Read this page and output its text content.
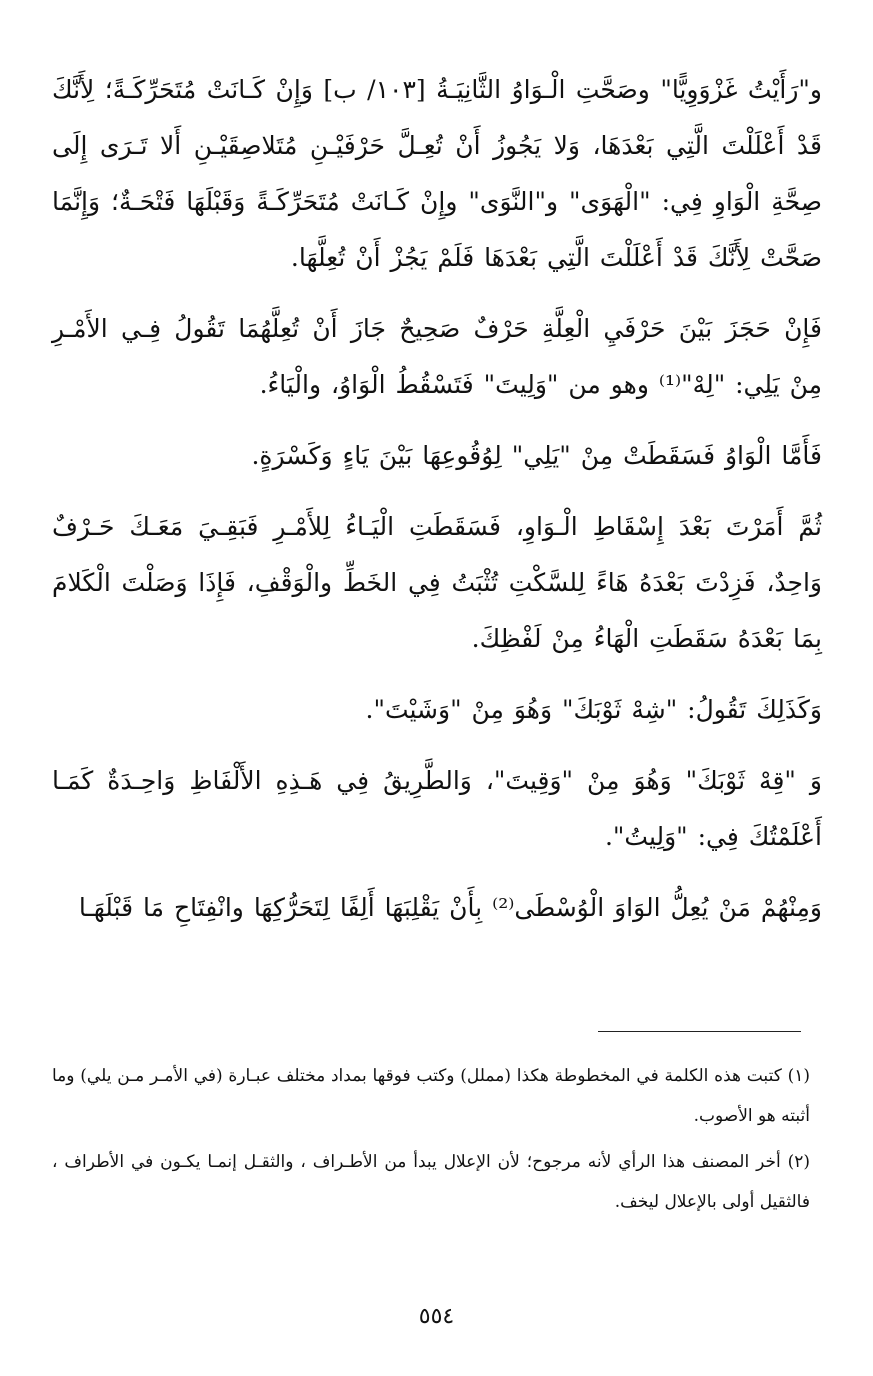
و"رَأَيْتُ غَزْوَوِيًّا" وصَحَّتِ الْـوَاوُ الثَّانِيَـةُ [١٠٣/ ب] وَإِنْ كَـانَتْ مُتَحَرِّكَـةً؛ لِأَنَّكَ قَدْ أَعْلَلْتَ الَّتِي بَعْدَهَا، وَلا يَجُوزُ أَنْ تُعِـلَّ حَرْفَيْـنِ مُتَلاصِقَيْـنِ أَلا تَـرَى إِلَى صِحَّةِ الْوَاوِ فِي: "الْهَوَى" و"النَّوَى" وإِنْ كَـانَتْ مُتَحَرِّكَـةً وَقَبْلَهَا فَتْحَـةٌ؛ وَإِنَّمَا صَحَّتْ لِأَنَّكَ قَدْ أَعْلَلْتَ الَّتِي بَعْدَهَا فَلَمْ يَجُزْ أَنْ تُعِلَّهَا.

فَإِنْ حَجَزَ بَيْنَ حَرْفَيِ الْعِلَّةِ حَرْفٌ صَحِيحٌ جَازَ أَنْ تُعِلَّهُمَا تَقُولُ فِـي الأَمْـرِ مِنْ يَلِي: "لِهْ"⁽¹⁾ وهو من "وَلِيتَ" فَتَسْقُطُ الْوَاوُ، والْيَاءُ.

فَأَمَّا الْوَاوُ فَسَقَطَتْ مِنْ "يَلِي" لِوُقُوعِهَا بَيْنَ يَاءٍ وَكَسْرَةٍ.

ثُمَّ أَمَرْتَ بَعْدَ إِسْقَاطِ الْـوَاوِ، فَسَقَطَتِ الْيَـاءُ لِلأَمْـرِ فَبَقِـيَ مَعَـكَ حَـرْفٌ وَاحِدٌ، فَزِدْتَ بَعْدَهُ هَاءً لِلسَّكْتِ تُثْبَتُ فِي الخَطِّ والْوَقْفِ، فَإِذَا وَصَلْتَ الْكَلامَ بِمَا بَعْدَهُ سَقَطَتِ الْهَاءُ مِنْ لَفْظِكَ.

وَكَذَلِكَ تَقُولُ: "شِهْ ثَوْبَكَ" وَهُوَ مِنْ "وَشَيْتَ".

وَ "قِهْ ثَوْبَكَ" وَهُوَ مِنْ "وَقِيتَ"، وَالطَّرِيقُ فِي هَـذِهِ الأَلْفَاظِ وَاحِـدَةٌ كَمَـا أَعْلَمْتُكَ فِي: "وَلِيتُ".

وَمِنْهُمْ مَنْ يُعِلُّ الوَاوَ الْوُسْطَى⁽²⁾ بِأَنْ يَقْلِبَهَا أَلِفًا لِتَحَرُّكِهَا وانْفِتَاحِ مَا قَبْلَهَـا

(١) كتبت هذه الكلمة في المخطوطة هكذا (مملل) وكتب فوقها بمداد مختلف عبـارة (في الأمـر مـن يلي) وما أثبته هو الأصوب.

(٢) أخر المصنف هذا الرأي لأنه مرجوح؛ لأن الإعلال يبدأ من الأطـراف ، والثقـل إنمـا يكـون في الأطراف ، فالثقيل أولى بالإعلال ليخف.

٥٥٤
